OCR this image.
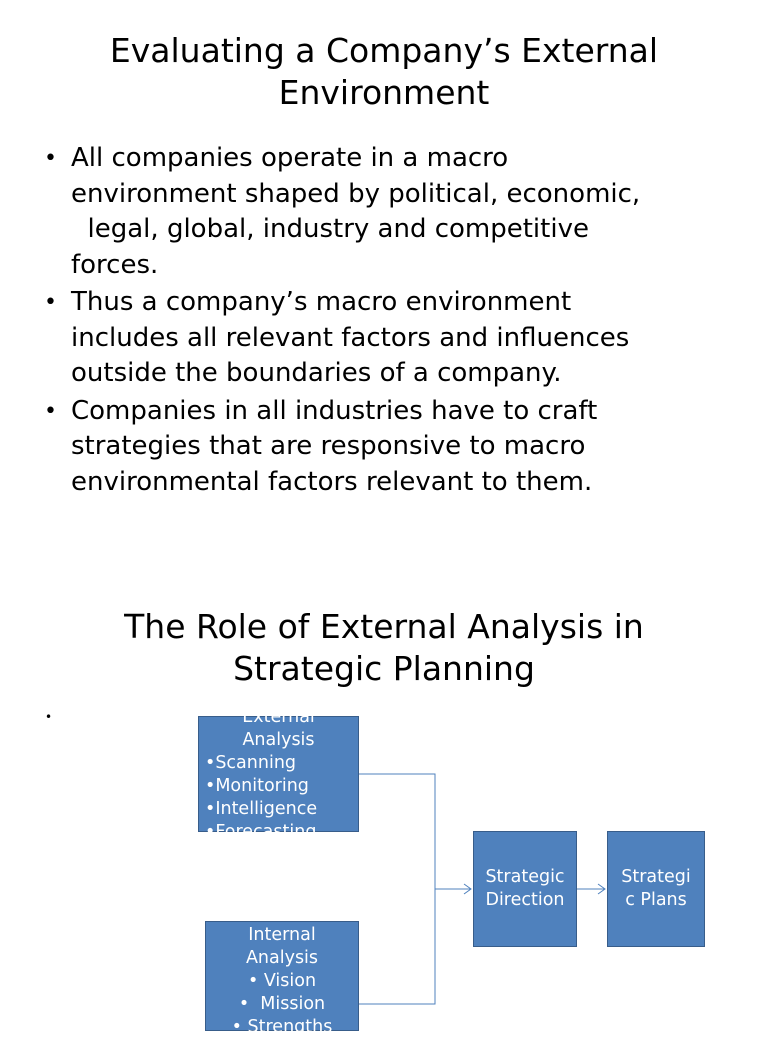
Evaluating a Company’s External
Environment
• All companies operate in a macro
environment shaped by political, economic,
legal, global, industry and competitive
forces.
• Thus a company’s macro environment
includes all relevant factors and influences
outside the boundaries of a company.
• Companies in all industries have to craft
strategies that are responsive to macro
environmental factors relevant to them.
The Role of External Analysis in
Strategic Planning
•	External
Analysis
•Scanning
•Monitoring
•Intelligence
•Forecasting
Internal
Analysis
• Vision
•  Mission
• Strengths
Strategic
Direction
Strategi
c Plans
